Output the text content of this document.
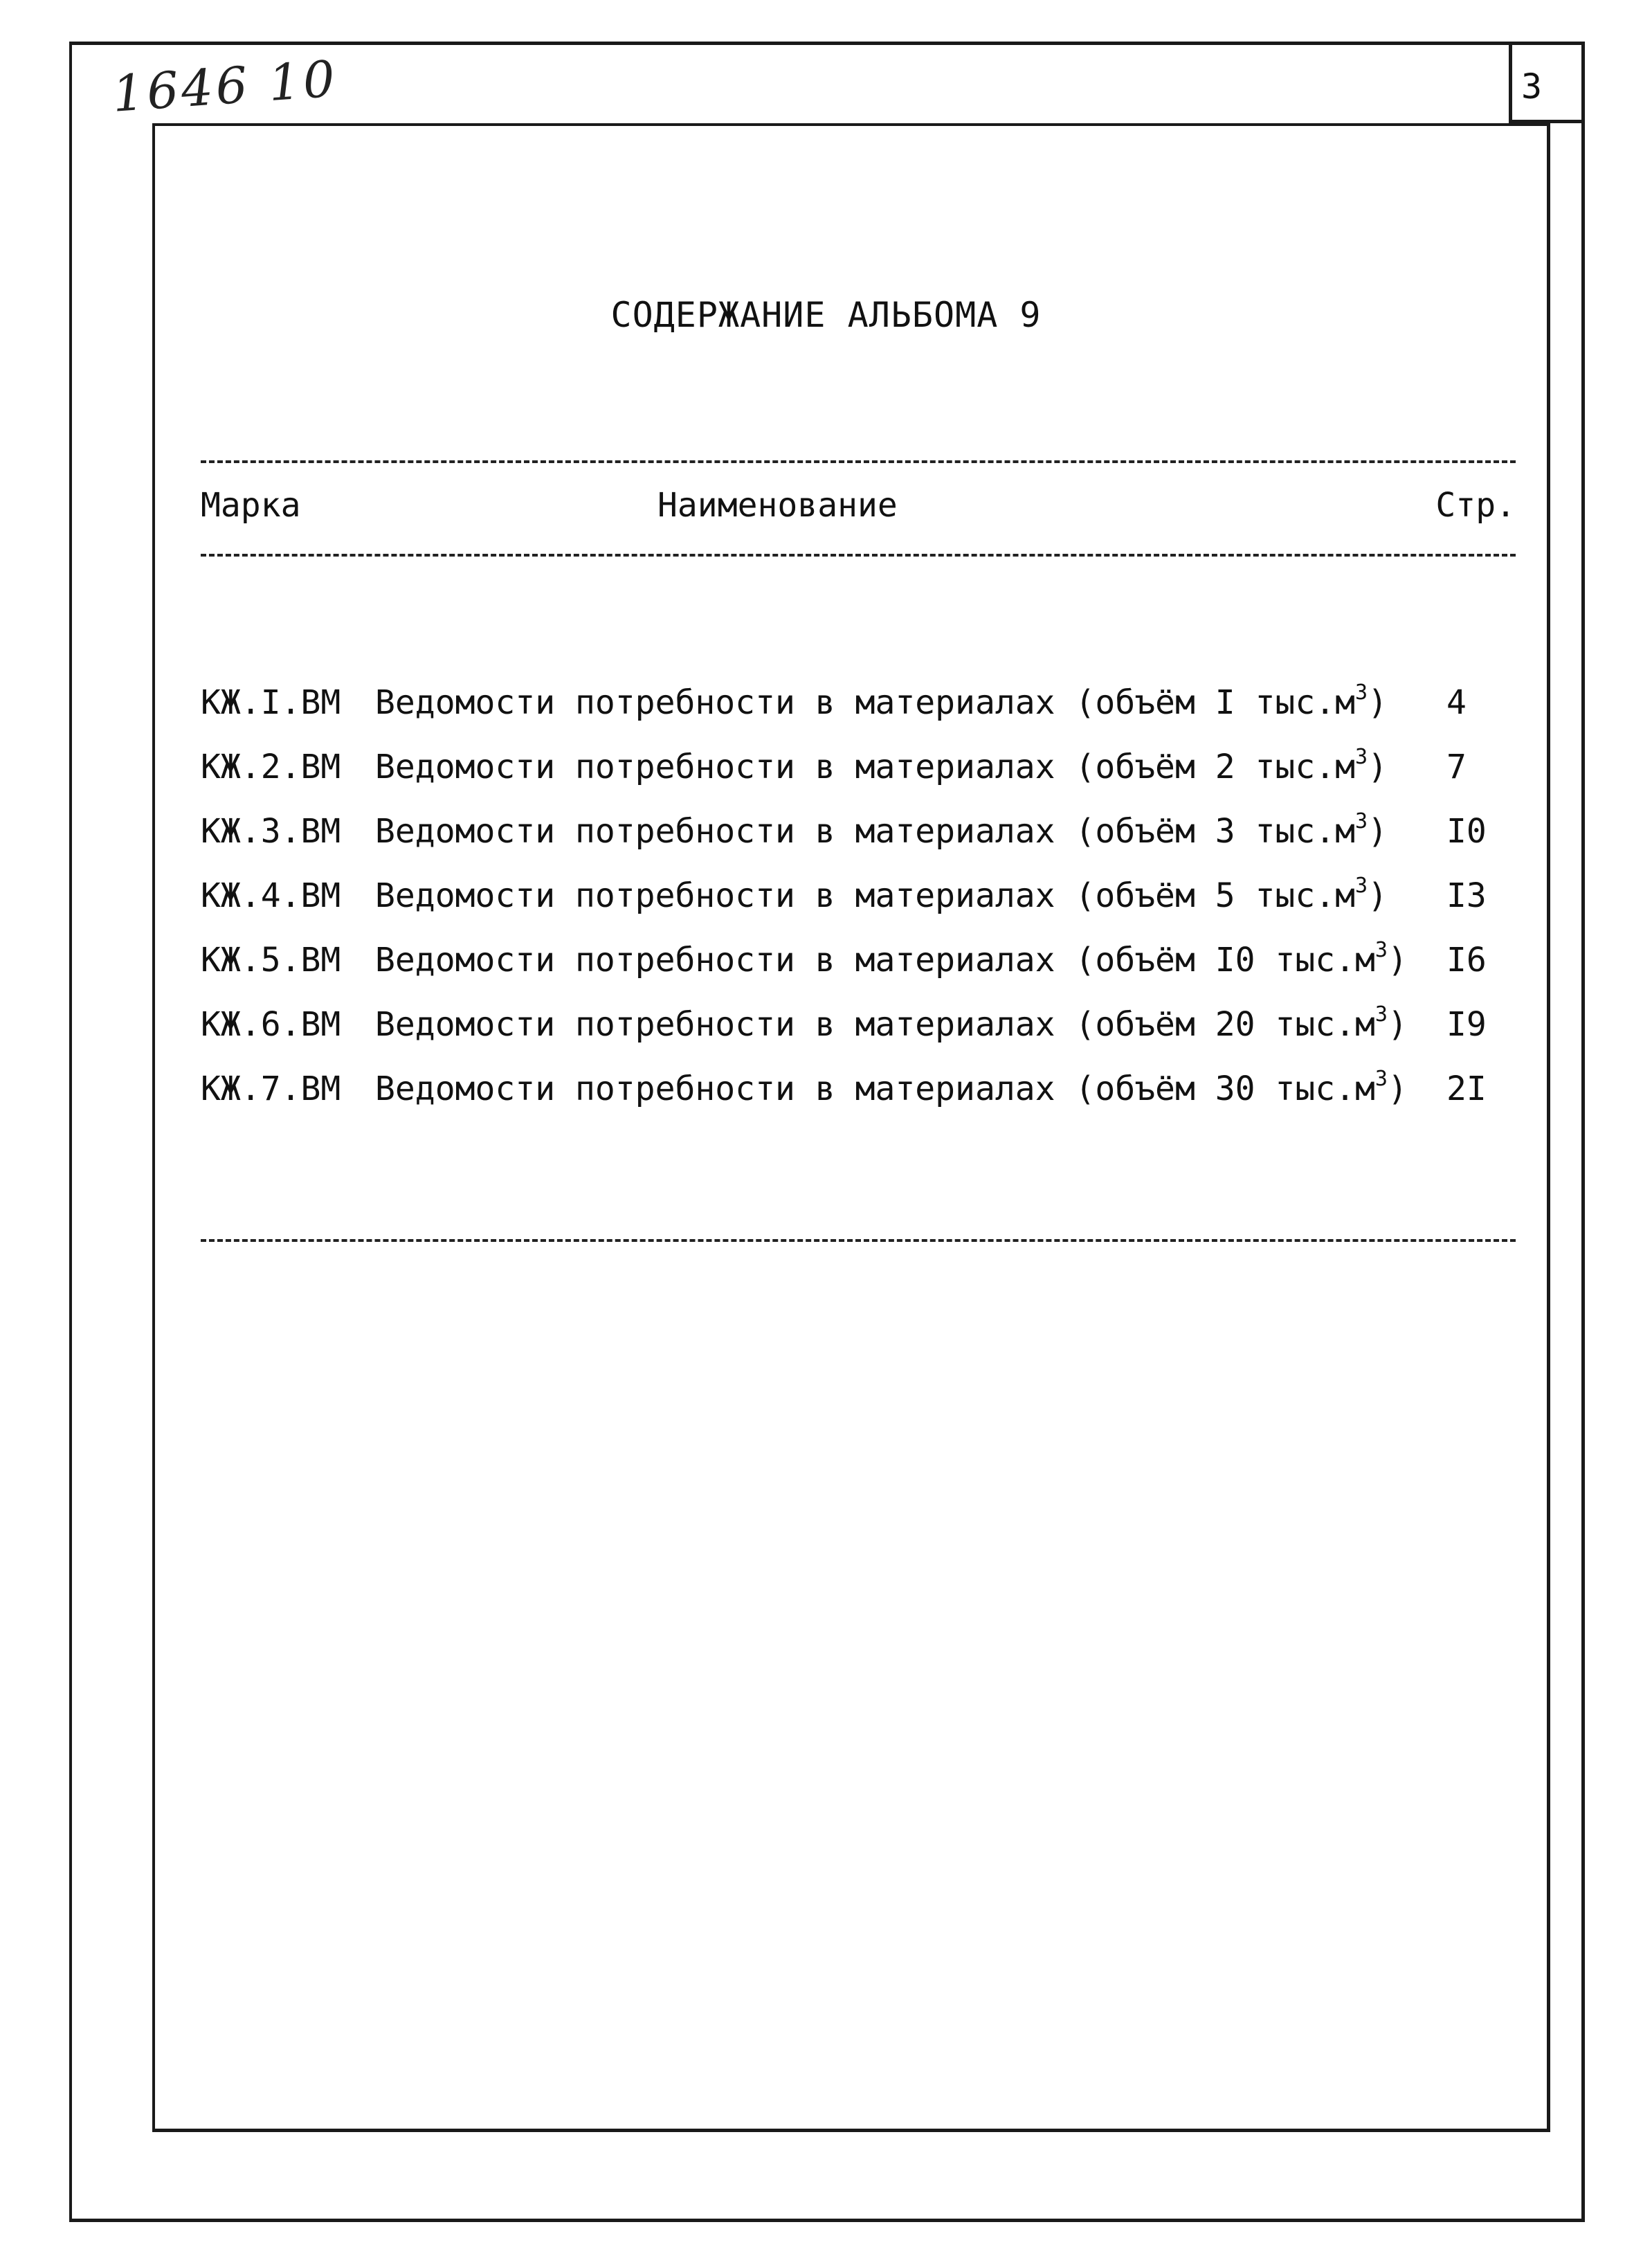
3
1646 10
СОДЕРЖАНИЕ АЛЬБОМА 9
Марка	Наименование	Стр.
КЖ.I.ВМ Ведомости потребности в материалах (объём I $тыс.м^3$) 4
КЖ.2.ВМ Ведомости потребности в материалах (объём 2 $тыс.м^3$) 7
КЖ.3.ВМ Ведомости потребности в материалах (объём 3 $тыс.м^3$) I0
КЖ.4.ВМ Ведомости потребности в материалах (объём 5 $тыс.м^3$) I3
КЖ.5.ВМ Ведомости потребности в материалах (объём I0 $тыс.м^3$) I6
КЖ.6.ВМ Ведомости потребности в материалах (объём 20 $тыс.м^3$) I9
КЖ.7.ВМ Ведомости потребности в материалах (объём 30 $тыс.м^3$) 2I
